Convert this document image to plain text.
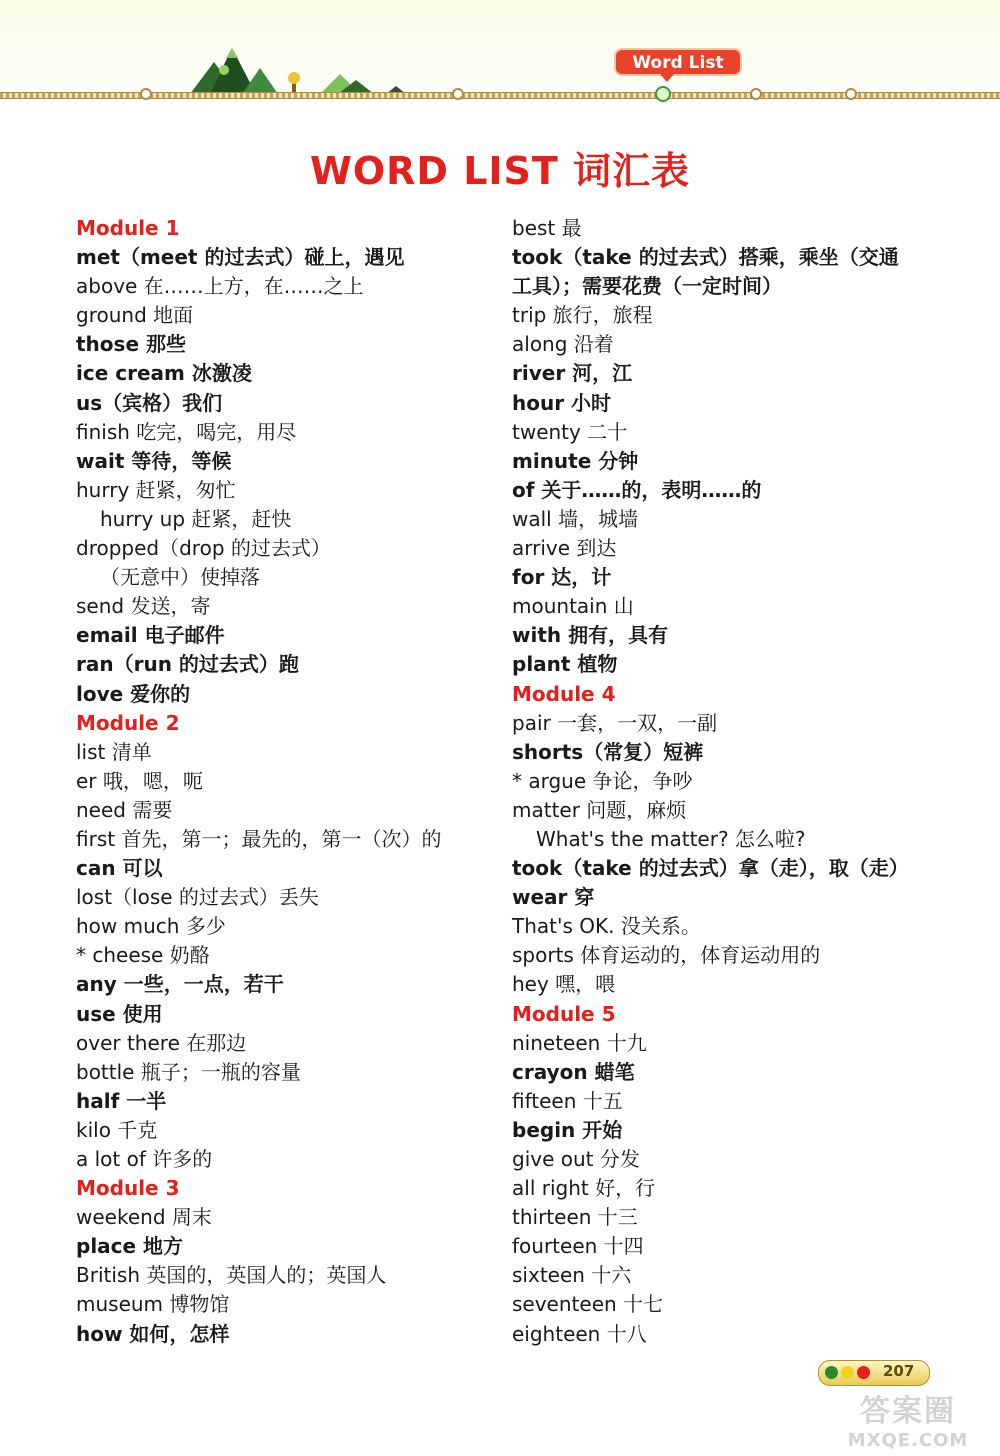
Word List
WORD LIST 词汇表
Module 1
met（meet 的过去式）碰上，遇见
above 在……上方，在……之上
ground 地面
those 那些
ice cream 冰激凌
us（宾格）我们
finish 吃完，喝完，用尽
wait 等待，等候
hurry 赶紧，匆忙
hurry up 赶紧，赶快
dropped（drop 的过去式）
（无意中）使掉落
send 发送，寄
email 电子邮件
ran（run 的过去式）跑
love 爱你的
Module 2
list 清单
er 哦，嗯，呃
need 需要
first 首先，第一；最先的，第一（次）的
can 可以
lost（lose 的过去式）丢失
how much 多少
* cheese 奶酪
any 一些，一点，若干
use 使用
over there 在那边
bottle 瓶子；一瓶的容量
half 一半
kilo 千克
a lot of 许多的
Module 3
weekend 周末
place 地方
British 英国的，英国人的；英国人
museum 博物馆
how 如何，怎样
best 最
took（take 的过去式）搭乘，乘坐（交通
工具）；需要花费（一定时间）
trip 旅行，旅程
along 沿着
river 河，江
hour 小时
twenty 二十
minute 分钟
of 关于……的，表明……的
wall 墙，城墙
arrive 到达
for 达，计
mountain 山
with 拥有，具有
plant 植物
Module 4
pair 一套，一双，一副
shorts（常复）短裤
* argue 争论，争吵
matter 问题，麻烦
What's the matter? 怎么啦?
took（take 的过去式）拿（走），取（走）
wear 穿
That's OK. 没关系。
sports 体育运动的，体育运动用的
hey 嘿，喂
Module 5
nineteen 十九
crayon 蜡笔
fifteen 十五
begin 开始
give out 分发
all right 好，行
thirteen 十三
fourteen 十四
sixteen 十六
seventeen 十七
eighteen 十八
207
答案圈
MXQE.COM
